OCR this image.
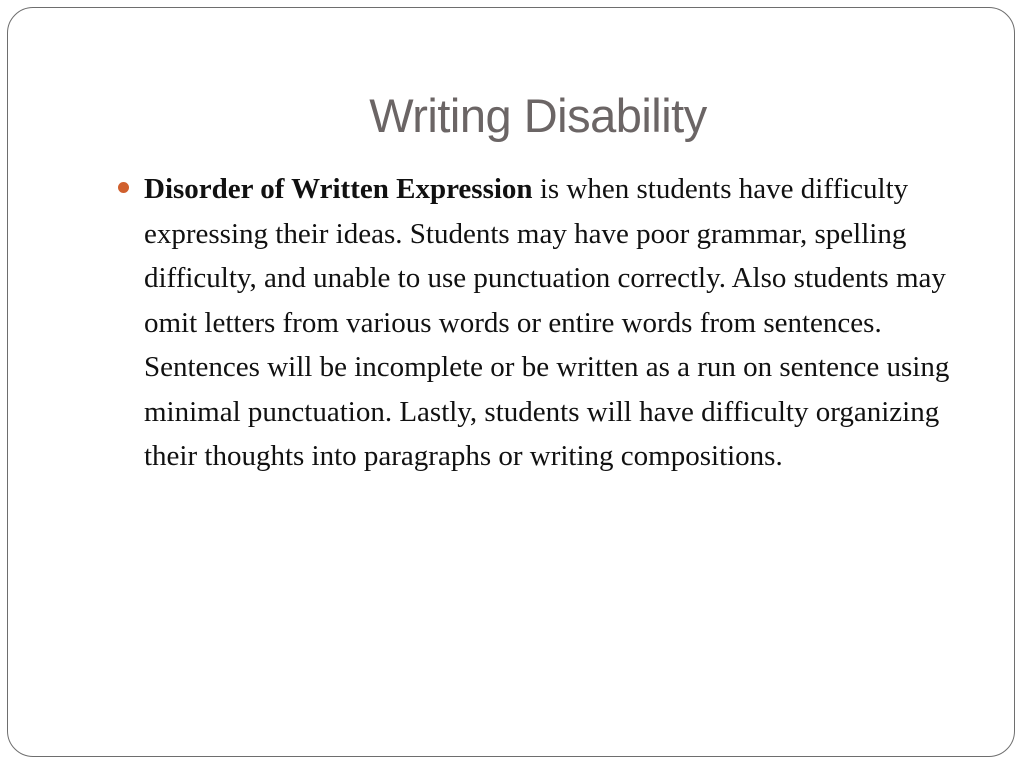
Writing Disability
Disorder of Written Expression is when students have difficulty expressing their ideas. Students may have poor grammar, spelling difficulty, and unable to use punctuation correctly. Also students may omit letters from various words or entire words from sentences. Sentences will be incomplete or be written as a run on sentence using minimal punctuation. Lastly, students will have difficulty organizing their thoughts into paragraphs or writing compositions.
